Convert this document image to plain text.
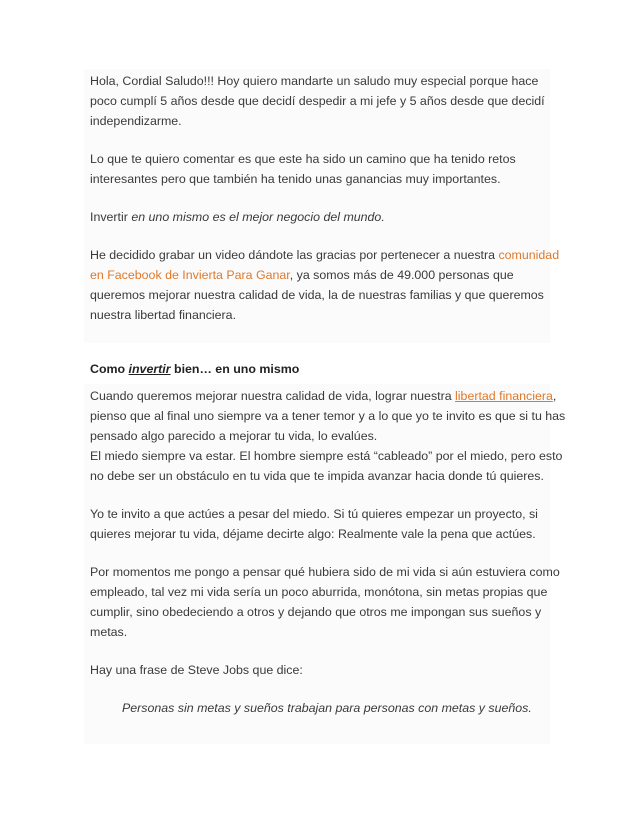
Hola, Cordial Saludo!!! Hoy quiero mandarte un saludo muy especial porque hace
poco cumplí 5 años desde que decidí despedir a mi jefe y 5 años desde que decidí
independizarme.
Lo que te quiero comentar es que este ha sido un camino que ha tenido retos
interesantes pero que también ha tenido unas ganancias muy importantes.
Invertir en uno mismo es el mejor negocio del mundo.
He decidido grabar un video dándote las gracias por pertenecer a nuestra comunidad
en Facebook de Invierta Para Ganar, ya somos más de 49.000 personas que
queremos mejorar nuestra calidad de vida, la de nuestras familias y que queremos
nuestra libertad financiera.
Como invertir bien… en uno mismo
Cuando queremos mejorar nuestra calidad de vida, lograr nuestra libertad financiera,
pienso que al final uno siempre va a tener temor y a lo que yo te invito es que si tu has
pensado algo parecido a mejorar tu vida, lo evalúes.
El miedo siempre va estar. El hombre siempre está “cableado” por el miedo, pero esto
no debe ser un obstáculo en tu vida que te impida avanzar hacia donde tú quieres.
Yo te invito a que actúes a pesar del miedo. Si tú quieres empezar un proyecto, si
quieres mejorar tu vida, déjame decirte algo: Realmente vale la pena que actúes.
Por momentos me pongo a pensar qué hubiera sido de mi vida si aún estuviera como
empleado, tal vez mi vida sería un poco aburrida, monótona, sin metas propias que
cumplir, sino obedeciendo a otros y dejando que otros me impongan sus sueños y
metas.
Hay una frase de Steve Jobs que dice:
Personas sin metas y sueños trabajan para personas con metas y sueños.
